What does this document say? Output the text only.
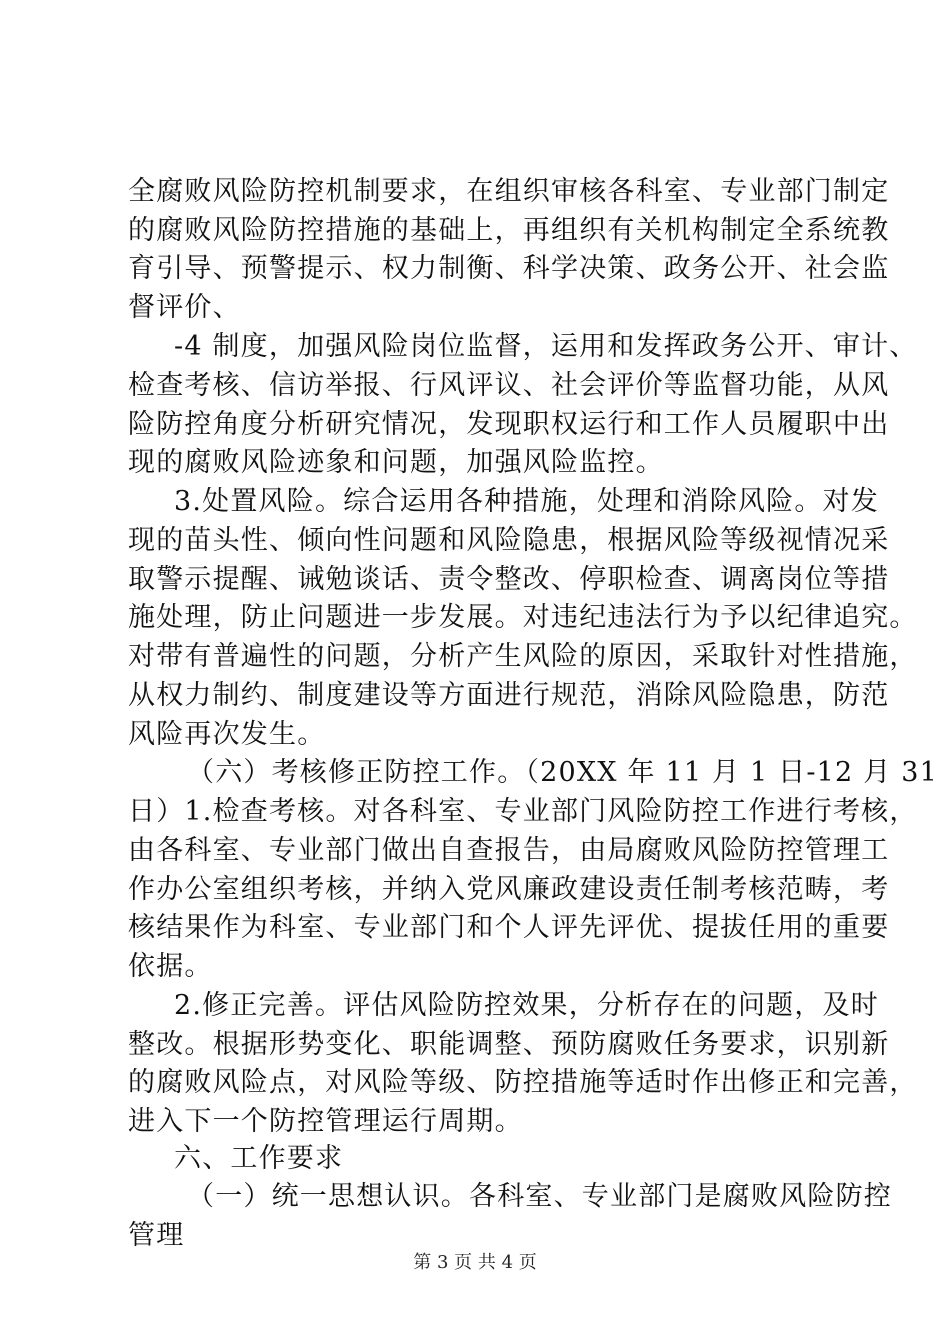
全腐败风险防控机制要求，在组织审核各科室、专业部门制定
的腐败风险防控措施的基础上，再组织有关机构制定全系统教
育引导、预警提示、权力制衡、科学决策、政务公开、社会监
督评价、
-4 制度，加强风险岗位监督，运用和发挥政务公开、审计、
检查考核、信访举报、行风评议、社会评价等监督功能，从风
险防控角度分析研究情况，发现职权运行和工作人员履职中出
现的腐败风险迹象和问题，加强风险监控。
3.处置风险。综合运用各种措施，处理和消除风险。对发
现的苗头性、倾向性问题和风险隐患，根据风险等级视情况采
取警示提醒、诫勉谈话、责令整改、停职检查、调离岗位等措
施处理，防止问题进一步发展。对违纪违法行为予以纪律追究。
对带有普遍性的问题，分析产生风险的原因，采取针对性措施，
从权力制约、制度建设等方面进行规范，消除风险隐患，防范
风险再次发生。
（六）考核修正防控工作。（20XX 年 11 月 1 日-12 月 31
日）1.检查考核。对各科室、专业部门风险防控工作进行考核，
由各科室、专业部门做出自查报告，由局腐败风险防控管理工
作办公室组织考核，并纳入党风廉政建设责任制考核范畴，考
核结果作为科室、专业部门和个人评先评优、提拔任用的重要
依据。
2.修正完善。评估风险防控效果，分析存在的问题，及时
整改。根据形势变化、职能调整、预防腐败任务要求，识别新
的腐败风险点，对风险等级、防控措施等适时作出修正和完善，
进入下一个防控管理运行周期。
六、工作要求
（一）统一思想认识。各科室、专业部门是腐败风险防控
管理
第 3 页 共 4 页
